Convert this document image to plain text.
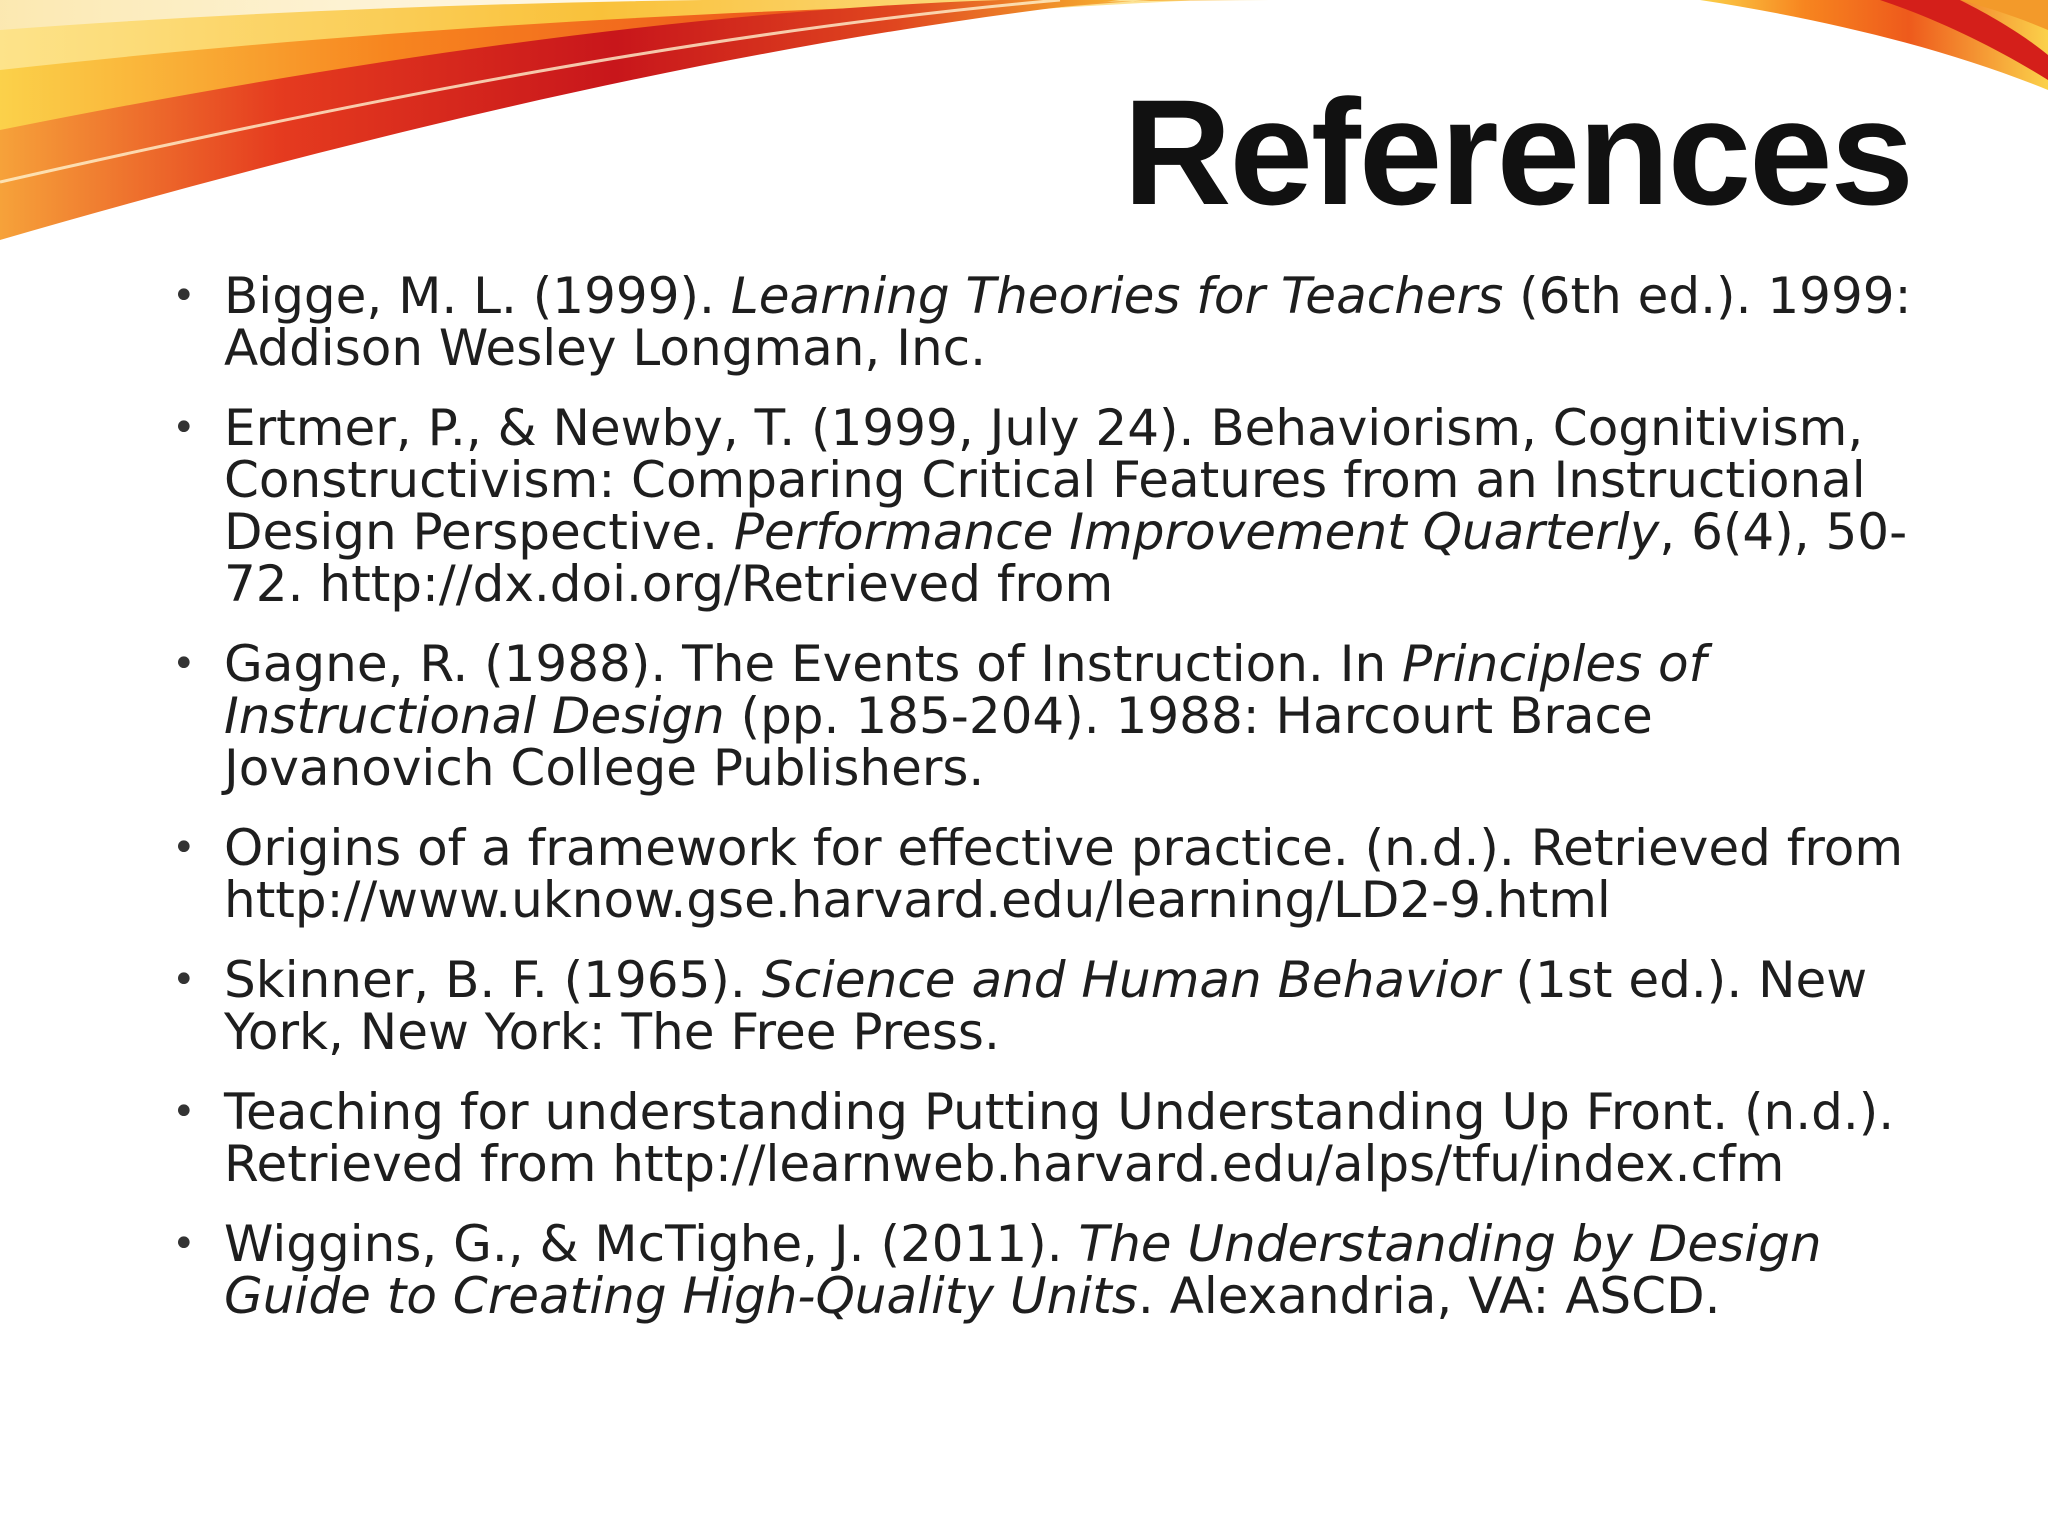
References
• Bigge, M. L. (1999). Learning Theories for Teachers (6th ed.). 1999: Addison Wesley Longman, Inc.
• Ertmer, P., & Newby, T. (1999, July 24). Behaviorism, Cognitivism, Constructivism: Comparing Critical Features from an Instructional Design Perspective. Performance Improvement Quarterly, 6(4), 50-72. http://dx.doi.org/Retrieved from
• Gagne, R. (1988). The Events of Instruction. In Principles of Instructional Design (pp. 185-204). 1988: Harcourt Brace Jovanovich College Publishers.
• Origins of a framework for effective practice. (n.d.). Retrieved from http://www.uknow.gse.harvard.edu/learning/LD2-9.html
• Skinner, B. F. (1965). Science and Human Behavior (1st ed.). New York, New York: The Free Press.
• Teaching for understanding Putting Understanding Up Front. (n.d.). Retrieved from http://learnweb.harvard.edu/alps/tfu/index.cfm
• Wiggins, G., & McTighe, J. (2011). The Understanding by Design Guide to Creating High-Quality Units. Alexandria, VA: ASCD.
